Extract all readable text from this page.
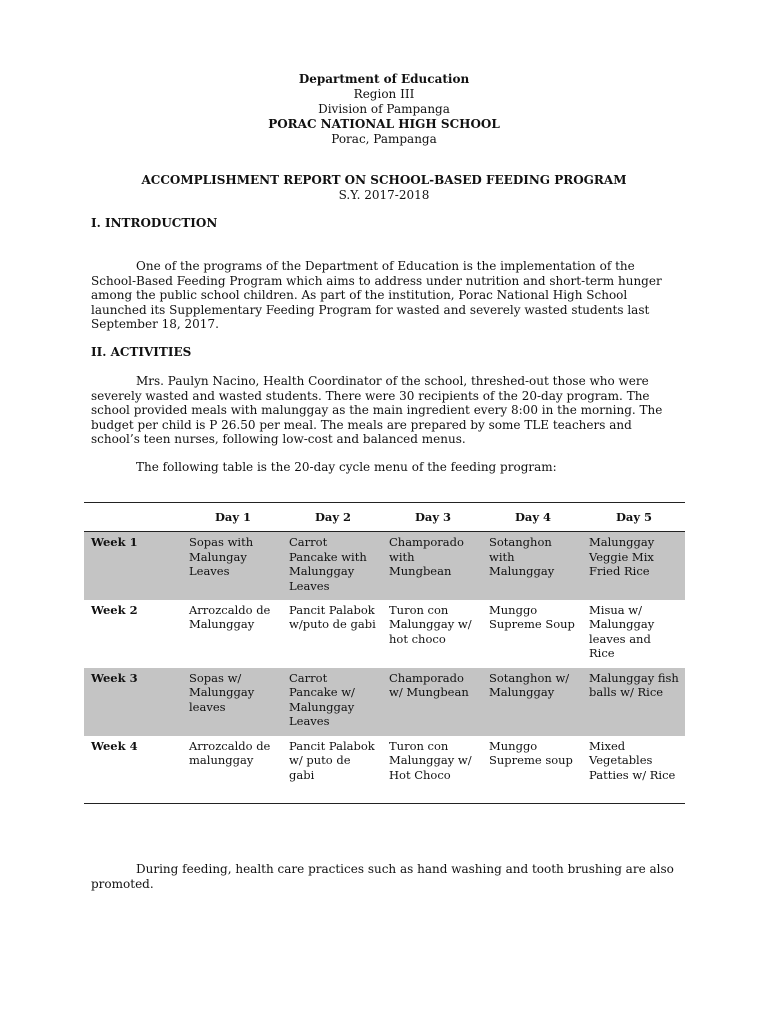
Department of Education
Region III
Division of Pampanga
PORAC NATIONAL HIGH SCHOOL
Porac, Pampanga
ACCOMPLISHMENT REPORT ON SCHOOL-BASED FEEDING PROGRAM
S.Y. 2017-2018
I. INTRODUCTION

One of the programs of the Department of Education is the implementation of the School-Based Feeding Program which aims to address under nutrition and short-term hunger among the public school children. As part of the institution, Porac National High School launched its Supplementary Feeding Program for wasted and severely wasted students last September 18, 2017.

II. ACTIVITIES

Mrs. Paulyn Nacino, Health Coordinator of the school, threshed-out those who were severely wasted and wasted students. There were 30 recipients of the 20-day program. The school provided meals with malunggay as the main ingredient every 8:00 in the morning. The budget per child is P 26.50 per meal. The meals are prepared by some TLE teachers and school’s teen nurses, following low-cost and balanced menus.

The following table is the 20-day cycle menu of the feeding program:

	Day 1	Day 2	Day 3	Day 4	Day 5
Week 1	Sopas with Malungay Leaves	Carrot Pancake with Malunggay Leaves	Champorado with Mungbean	Sotanghon with Malunggay	Malunggay Veggie Mix Fried Rice
Week 2	Arrozcaldo de Malunggay	Pancit Palabok w/puto de gabi	Turon con Malunggay w/ hot choco	Munggo Supreme Soup	Misua w/ Malunggay leaves and Rice
Week 3	Sopas w/ Malunggay leaves	Carrot Pancake w/ Malunggay Leaves	Champorado w/ Mungbean	Sotanghon w/ Malunggay	Malunggay fish balls w/ Rice
Week 4	Arrozcaldo de malunggay	Pancit Palabok w/ puto de gabi	Turon con Malunggay w/ Hot Choco	Munggo Supreme soup	Mixed Vegetables Patties w/ Rice

During feeding, health care practices such as hand washing and tooth brushing are also promoted.
